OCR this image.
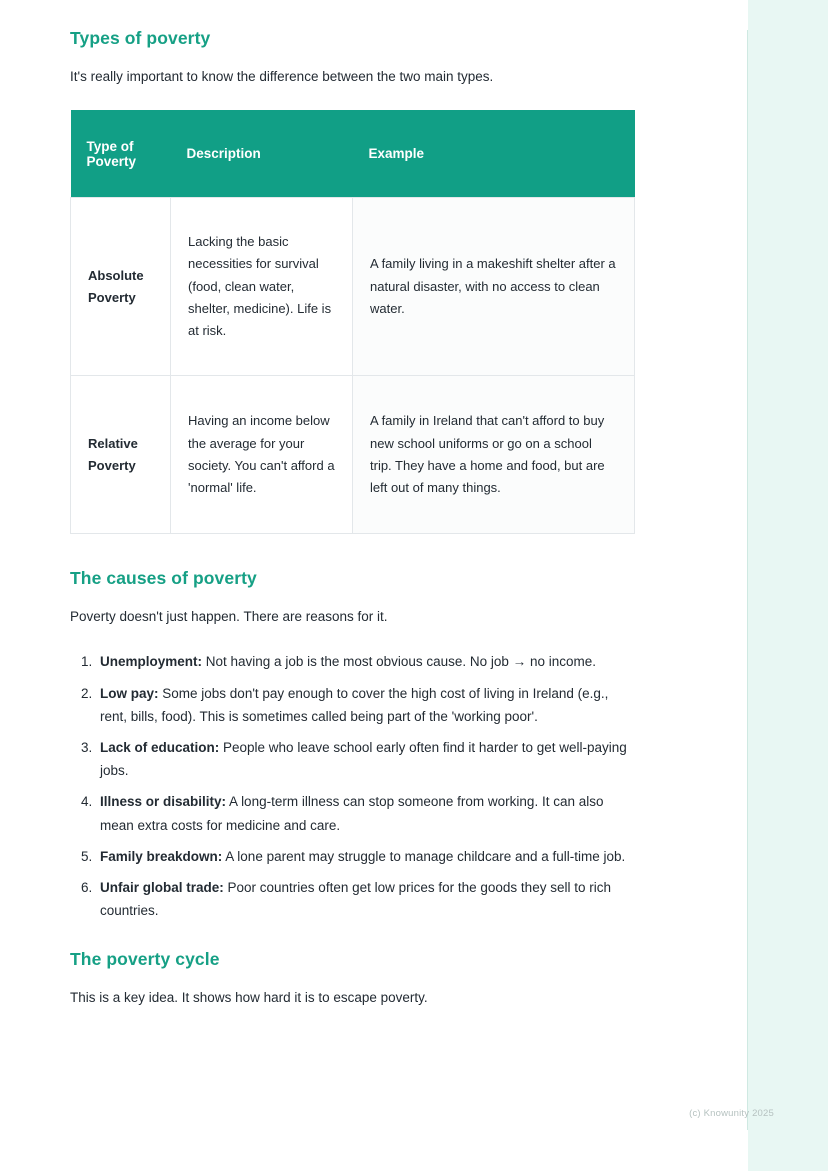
Types of poverty

It's really important to know the difference between the two main types.

Type of Poverty	Description	Example
Absolute Poverty	Lacking the basic necessities for survival (food, clean water, shelter, medicine). Life is at risk.	A family living in a makeshift shelter after a natural disaster, with no access to clean water.
Relative Poverty	Having an income below the average for your society. You can't afford a 'normal' life.	A family in Ireland that can't afford to buy new school uniforms or go on a school trip. They have a home and food, but are left out of many things.
The causes of poverty

Poverty doesn't just happen. There are reasons for it.

1. Unemployment: Not having a job is the most obvious cause. No job → no income.
2. Low pay: Some jobs don't pay enough to cover the high cost of living in Ireland (e.g., rent, bills, food). This is sometimes called being part of the 'working poor'.
3. Lack of education: People who leave school early often find it harder to get well-paying jobs.
4. Illness or disability: A long-term illness can stop someone from working. It can also mean extra costs for medicine and care.
5. Family breakdown: A lone parent may struggle to manage childcare and a full-time job.
6. Unfair global trade: Poor countries often get low prices for the goods they sell to rich countries.
The poverty cycle

This is a key idea. It shows how hard it is to escape poverty.

(c) Knowunity 2025
